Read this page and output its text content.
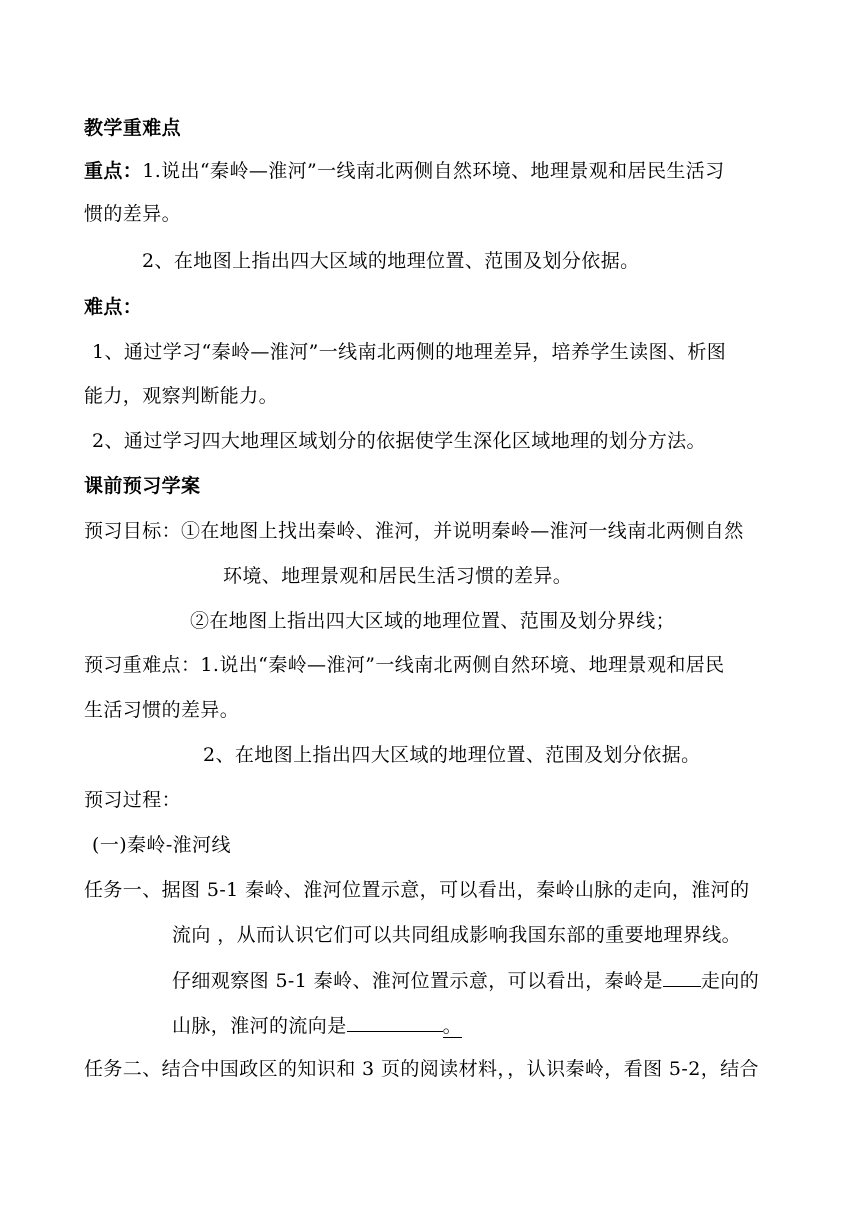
教学重难点
重点：1.说出“秦岭—淮河”一线南北两侧自然环境、地理景观和居民生活习
惯的差异。
2、在地图上指出四大区域的地理位置、范围及划分依据。
难点：
1、通过学习“秦岭—淮河”一线南北两侧的地理差异，培养学生读图、析图
能力，观察判断能力。
2、通过学习四大地理区域划分的依据使学生深化区域地理的划分方法。
课前预习学案
预习目标：①在地图上找出秦岭、淮河，并说明秦岭—淮河一线南北两侧自然
环境、地理景观和居民生活习惯的差异。
②在地图上指出四大区域的地理位置、范围及划分界线；
预习重难点：1.说出“秦岭—淮河”一线南北两侧自然环境、地理景观和居民
生活习惯的差异。
2、在地图上指出四大区域的地理位置、范围及划分依据。
预习过程：
(一)秦岭-淮河线
任务一、据图 5-1 秦岭、淮河位置示意，可以看出，秦岭山脉的走向，淮河的
流向 ，从而认识它们可以共同组成影响我国东部的重要地理界线。
仔细观察图 5-1 秦岭、淮河位置示意，可以看出，秦岭是 走向的
山脉，淮河的流向是	。
任务二、结合中国政区的知识和 3 页的阅读材料，，认识秦岭，看图 5-2，结合
